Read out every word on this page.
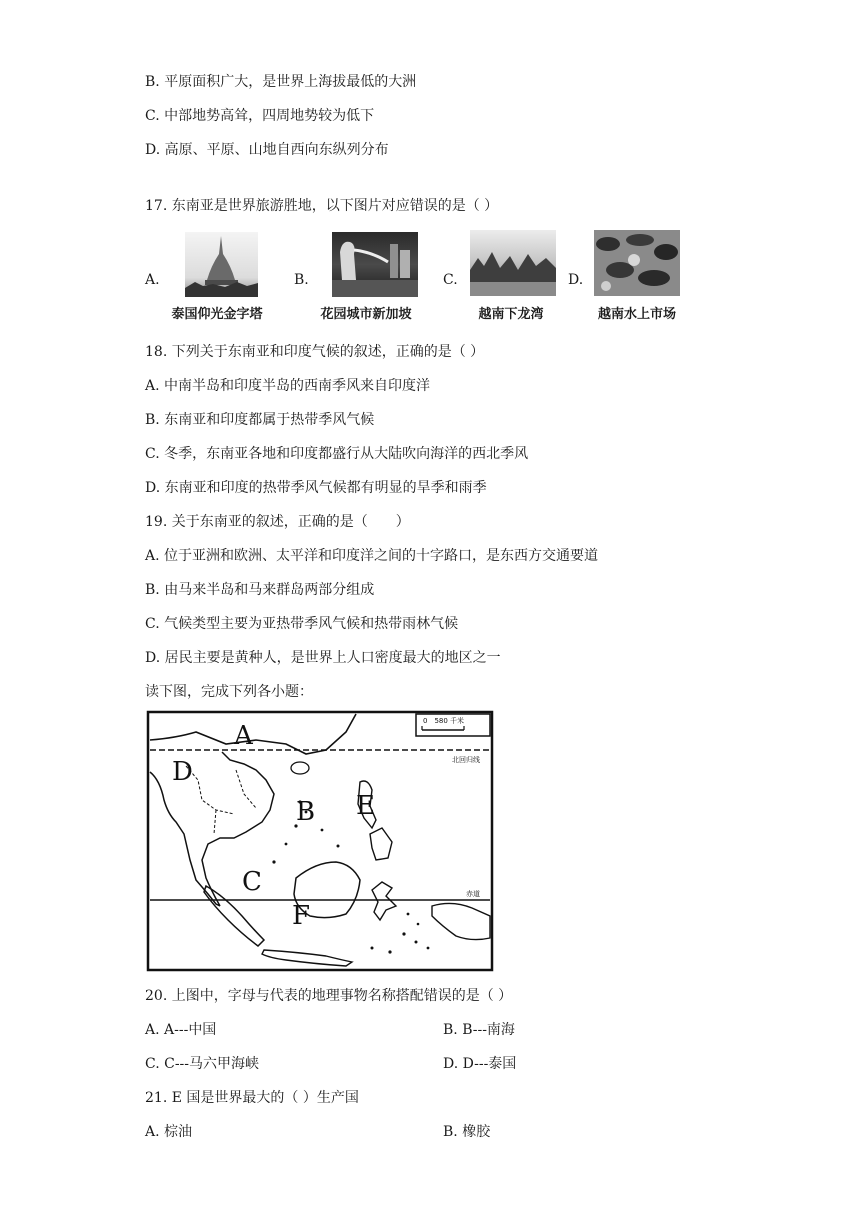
B. 平原面积广大，是世界上海拔最低的大洲
C. 中部地势高耸，四周地势较为低下
D. 高原、平原、山地自西向东纵列分布
17. 东南亚是世界旅游胜地，以下图片对应错误的是（ ）
A.
泰国仰光金字塔
B.
花园城市新加坡
C.
越南下龙湾
D.
越南水上市场
18. 下列关于东南亚和印度气候的叙述，正确的是（ ）
A. 中南半岛和印度半岛的西南季风来自印度洋
B. 东南亚和印度都属于热带季风气候
C. 冬季，东南亚各地和印度都盛行从大陆吹向海洋的西北季风
D. 东南亚和印度的热带季风气候都有明显的旱季和雨季
19. 关于东南亚的叙述，正确的是（　　）
A. 位于亚洲和欧洲、太平洋和印度洋之间的十字路口，是东西方交通要道
B. 由马来半岛和马来群岛两部分组成
C. 气候类型主要为亚热带季风气候和热带雨林气候
D. 居民主要是黄种人，是世界上人口密度最大的地区之一
读下图，完成下列各小题：
0　580 千米
北回归线
赤道
A
B
C
D
E
F
20. 上图中，字母与代表的地理事物名称搭配错误的是（ ）
A. A---中国	B. B---南海
C. C---马六甲海峡	D. D---泰国
21. E 国是世界最大的（ ）生产国
A. 棕油	B. 橡胶
